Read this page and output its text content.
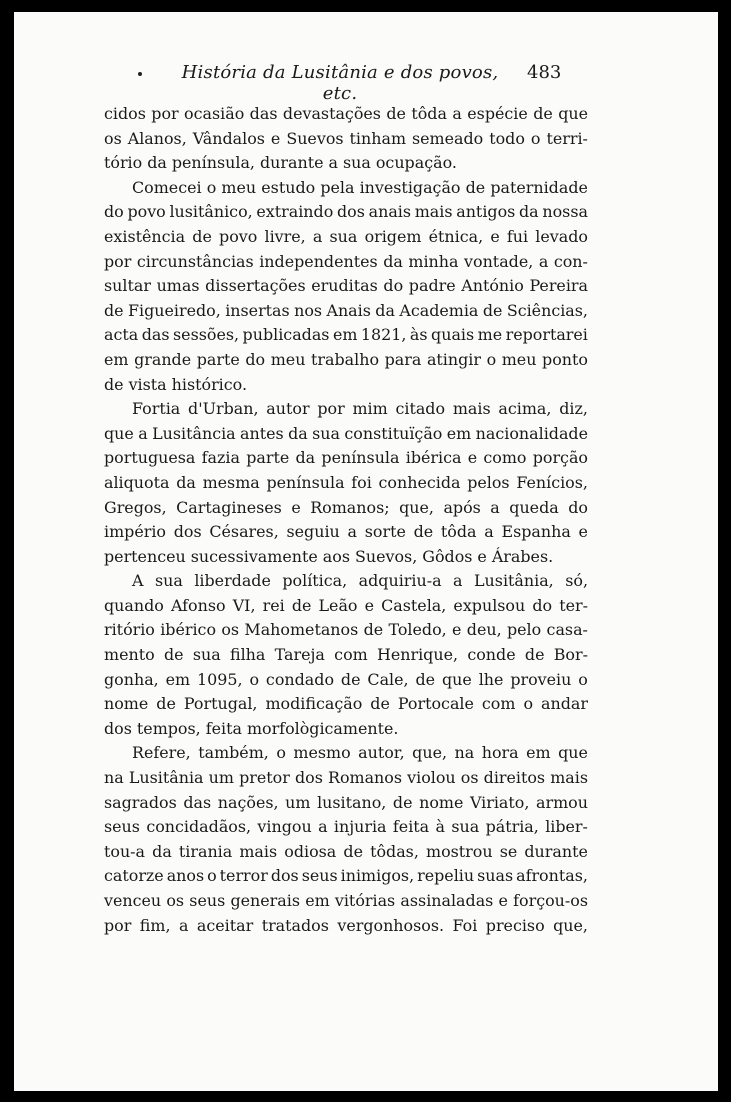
História da Lusitânia e dos povos, etc.
483
cidos por ocasião das devastações de tôda a espécie de que
os Alanos, Vândalos e Suevos tinham semeado todo o terri-
tório da península, durante a sua ocupação.
Comecei o meu estudo pela investigação de paternidade
do povo lusitânico, extraindo dos anais mais antigos da nossa
existência de povo livre, a sua origem étnica, e fui levado
por circunstâncias independentes da minha vontade, a con-
sultar umas dissertações eruditas do padre António Pereira
de Figueiredo, insertas nos Anais da Academia de Sciências,
acta das sessões, publicadas em 1821, às quais me reportarei
em grande parte do meu trabalho para atingir o meu ponto
de vista histórico.
Fortia d'Urban, autor por mim citado mais acima, diz,
que a Lusitância antes da sua constituïção em nacionalidade
portuguesa fazia parte da península ibérica e como porção
aliquota da mesma península foi conhecida pelos Fenícios,
Gregos, Cartagineses e Romanos; que, após a queda do
império dos Césares, seguiu a sorte de tôda a Espanha e
pertenceu sucessivamente aos Suevos, Gôdos e Árabes.
A sua liberdade política, adquiriu-a a Lusitânia, só,
quando Afonso VI, rei de Leão e Castela, expulsou do ter-
ritório ibérico os Mahometanos de Toledo, e deu, pelo casa-
mento de sua filha Tareja com Henrique, conde de Bor-
gonha, em 1095, o condado de Cale, de que lhe proveiu o
nome de Portugal, modificação de Portocale com o andar
dos tempos, feita morfològicamente.
Refere, também, o mesmo autor, que, na hora em que
na Lusitânia um pretor dos Romanos violou os direitos mais
sagrados das nações, um lusitano, de nome Viriato, armou
seus concidadãos, vingou a injuria feita à sua pátria, liber-
tou-a da tirania mais odiosa de tôdas, mostrou se durante
catorze anos o terror dos seus inimigos, repeliu suas afrontas,
venceu os seus generais em vitórias assinaladas e forçou-os
por fim, a aceitar tratados vergonhosos. Foi preciso que,
